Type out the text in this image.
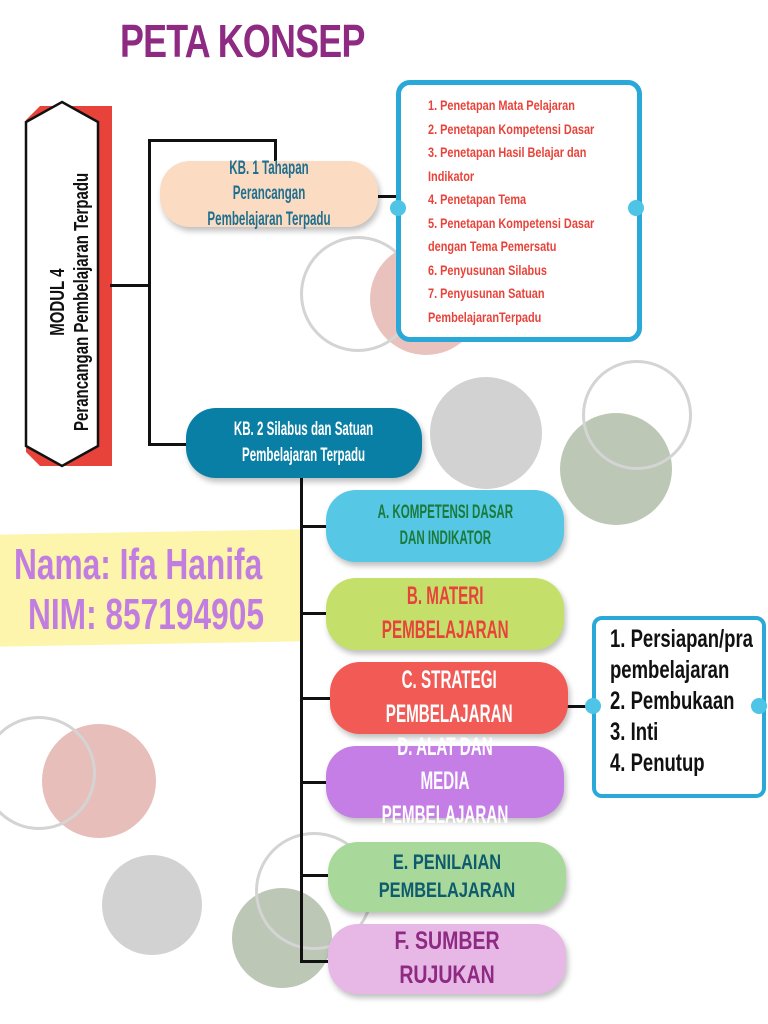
PETA KONSEP
MODUL 4 Perancangan Pembelajaran Terpadu
KB. 1 Tahapan Perancangan
Pembelajaran Terpadu
1. Penetapan Mata Pelajaran
2. Penetapan Kompetensi Dasar
3. Penetapan Hasil Belajar dan
Indikator
4. Penetapan Tema
5. Penetapan Kompetensi Dasar
dengan Tema Pemersatu
6. Penyusunan Silabus
7. Penyusunan Satuan
PembelajaranTerpadu
KB. 2 Silabus dan Satuan
Pembelajaran Terpadu
A. KOMPETENSI DASAR
DAN INDIKATOR
B. MATERI
PEMBELAJARAN
C. STRATEGI
PEMBELAJARAN
D. ALAT DAN MEDIA
PEMBELAJARAN
E. PENILAIAN PEMBELAJARAN
F. SUMBER RUJUKAN
1. Persiapan/pra
pembelajaran
2. Pembukaan
3. Inti
4. Penutup
Nama: Ifa Hanifa
NIM: 857194905
